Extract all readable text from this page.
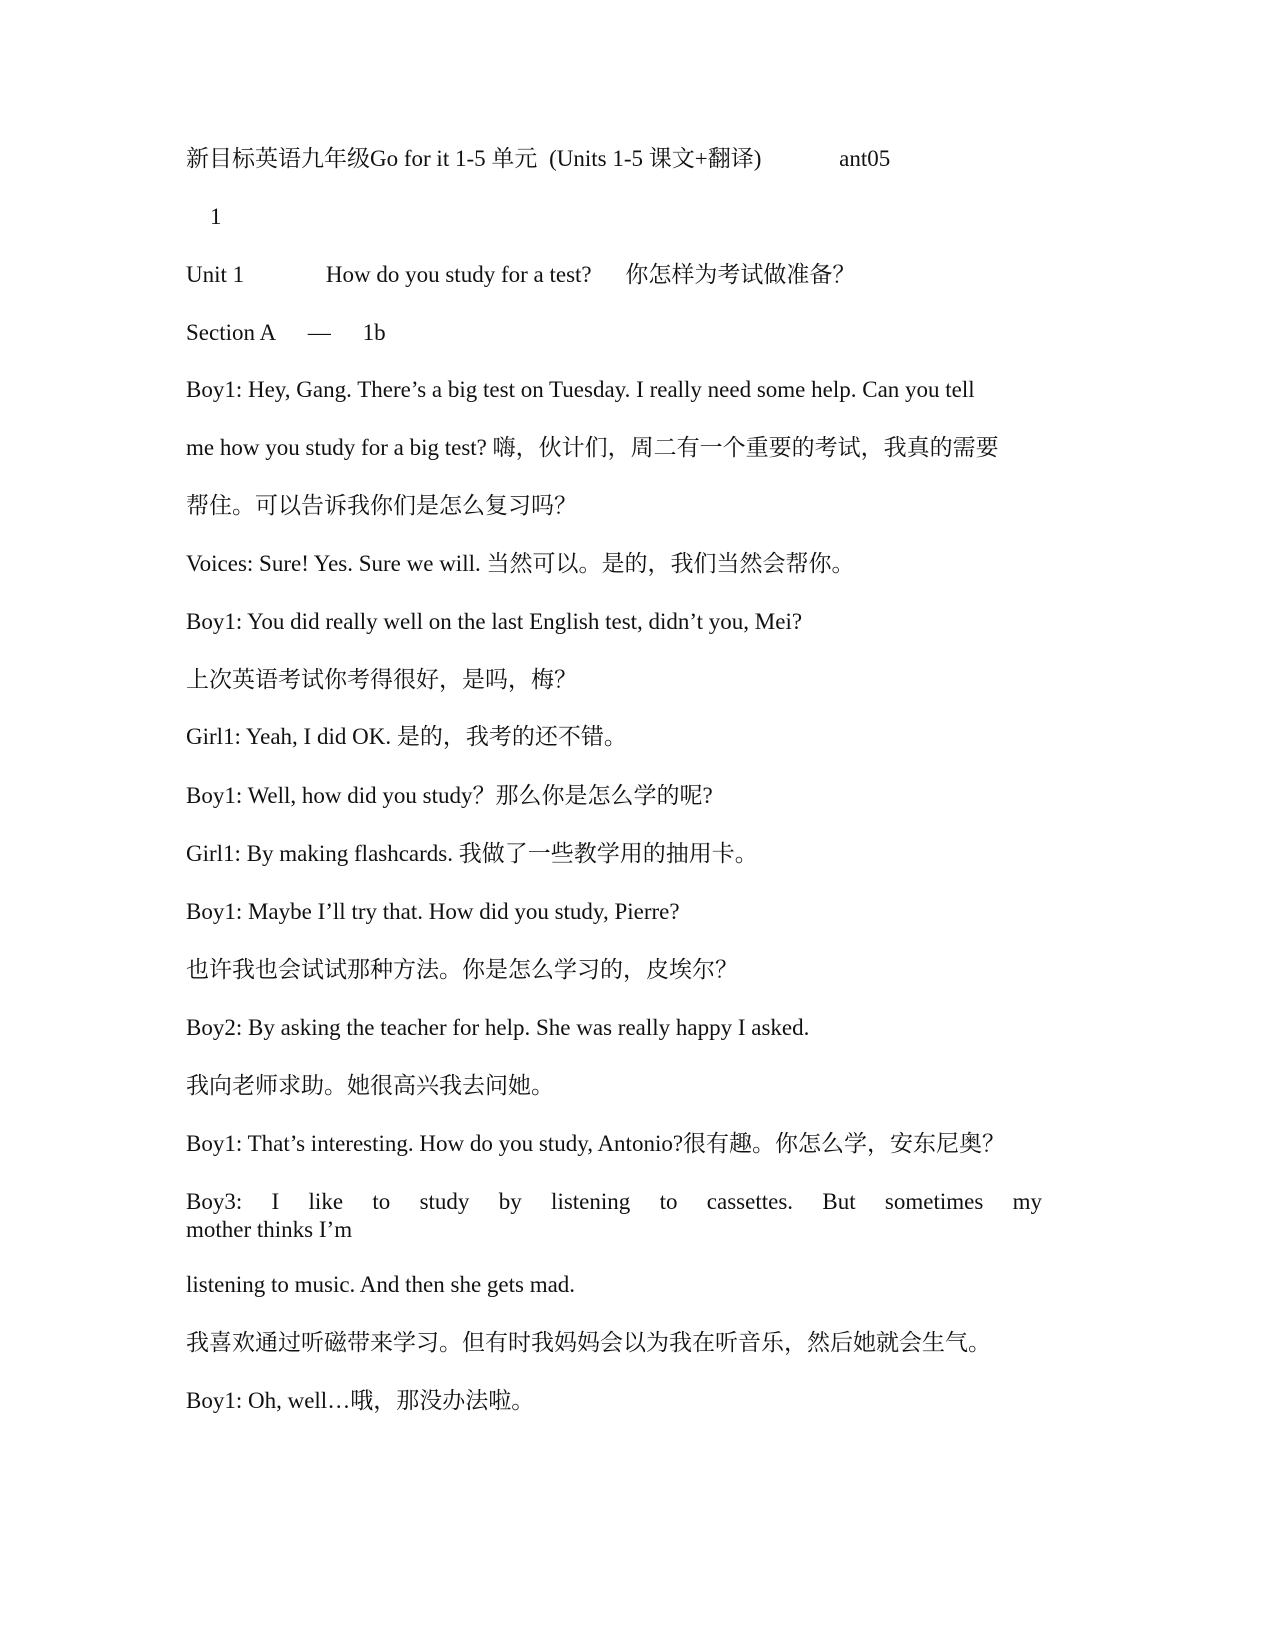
新目标英语九年级Go for it 1-5 单元 (Units 1-5 课文+翻译)	ant05
1
Unit 1	How do you study for a test? 你怎样为考试做准备？
Section A — 1b
Boy1: Hey, Gang. There’s a big test on Tuesday. I really need some help. Can you tell
me how you study for a big test? 嗨，伙计们，周二有一个重要的考试，我真的需要
帮住。可以告诉我你们是怎么复习吗？
Voices: Sure! Yes. Sure we will. 当然可以。是的，我们当然会帮你。
Boy1: You did really well on the last English test, didn’t you, Mei?
上次英语考试你考得很好，是吗，梅？
Girl1: Yeah, I did OK. 是的，我考的还不错。
Boy1: Well, how did you study？那么你是怎么学的呢?
Girl1: By making flashcards. 我做了一些教学用的抽用卡。
Boy1: Maybe I’ll try that. How did you study, Pierre?
也许我也会试试那种方法。你是怎么学习的，皮埃尔？
Boy2: By asking the teacher for help. She was really happy I asked.
我向老师求助。她很高兴我去问她。
Boy1: That’s interesting. How do you study, Antonio?很有趣。你怎么学，安东尼奥？
Boy3: I like to study by listening to cassettes. But sometimes my
mother thinks I’m
listening to music. And then she gets mad.
我喜欢通过听磁带来学习。但有时我妈妈会以为我在听音乐，然后她就会生气。
Boy1: Oh, well…哦，那没办法啦。
